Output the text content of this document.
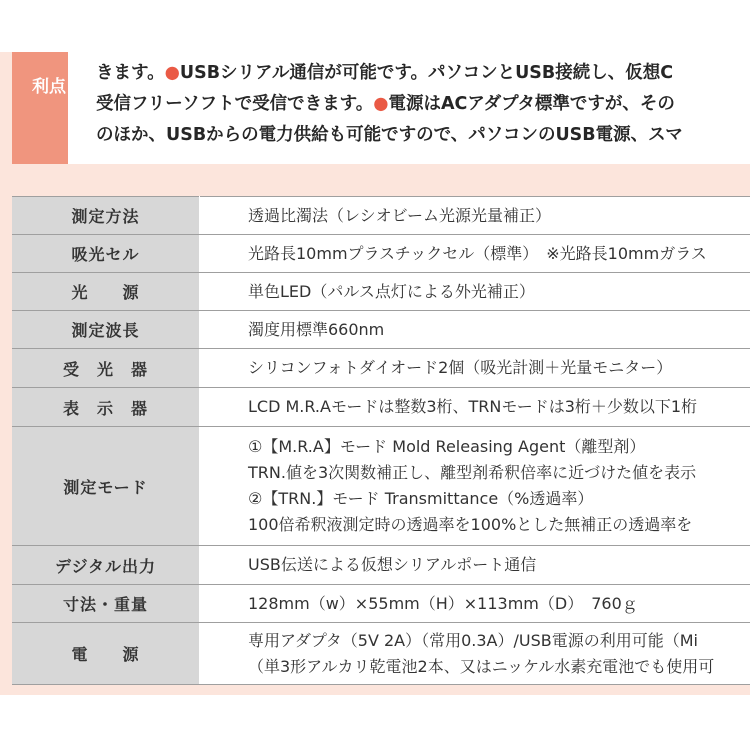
利点
きます。●USBシリアル通信が可能です。パソコンとUSB接続し、仮想C
受信フリーソフトで受信できます。●電源はACアダプタ標準ですが、その
のほか、USBからの電力供給も可能ですので、パソコンのUSB電源、スマ
測定方法	透過比濁法（レシオビーム光源光量補正）

吸光セル	光路長10mmプラスチックセル（標準）　※光路長10mmガラス

光　　源	単色LED（パルス点灯による外光補正）

測定波長	濁度用標準660nm

受　光　器	シリコンフォトダイオード2個（吸光計測＋光量モニター）

表　示　器	LCD M.R.Aモードは整数3桁、TRNモードは3桁＋少数以下1桁

測定モード	①【M.R.A】モード Mold Releasing Agent（離型剤）
TRN.値を3次関数補正し、離型剤希釈倍率に近づけた値を表示
②【TRN.】モード Transmittance（%透過率）
100倍希釈液測定時の透過率を100%とした無補正の透過率を

デジタル出力	USB伝送による仮想シリアルポート通信

寸法・重量	128mm（w）×55mm（H）×113mm（D）　760ｇ

電　　源	専用アダプタ（5V 2A）（常用0.3A）/USB電源の利用可能（Mi
（単3形アルカリ乾電池2本、又はニッケル水素充電池でも使用可
